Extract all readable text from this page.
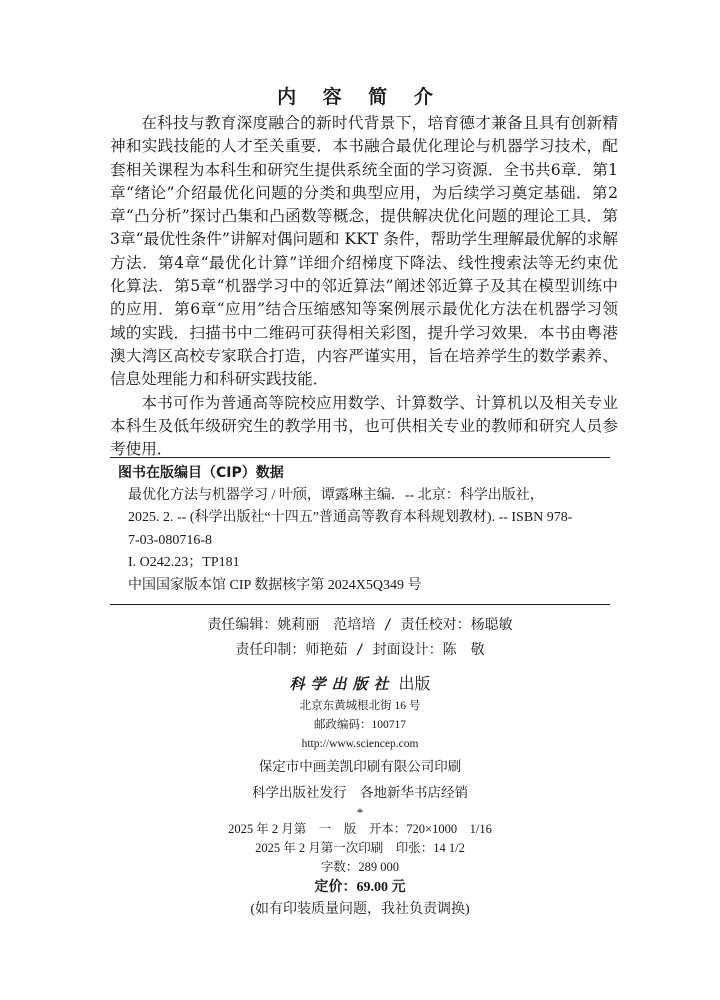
内 容 简 介

在科技与教育深度融合的新时代背景下，培育德才兼备且具有创新精神和实践技能的人才至关重要．本书融合最优化理论与机器学习技术，配套相关课程为本科生和研究生提供系统全面的学习资源．全书共6章．第1章“绪论”介绍最优化问题的分类和典型应用，为后续学习奠定基础．第2章“凸分析”探讨凸集和凸函数等概念，提供解决优化问题的理论工具．第3章“最优性条件”讲解对偶问题和 KKT 条件，帮助学生理解最优解的求解方法．第4章“最优化计算”详细介绍梯度下降法、线性搜索法等无约束优化算法．第5章“机器学习中的邻近算法”阐述邻近算子及其在模型训练中的应用．第6章“应用”结合压缩感知等案例展示最优化方法在机器学习领域的实践．扫描书中二维码可获得相关彩图，提升学习效果．本书由粤港澳大湾区高校专家联合打造，内容严谨实用，旨在培养学生的数学素养、信息处理能力和科研实践技能．

本书可作为普通高等院校应用数学、计算数学、计算机以及相关专业本科生及低年级研究生的教学用书，也可供相关专业的教师和研究人员参考使用．

图书在版编目（CIP）数据
最优化方法与机器学习 / 叶颀，谭露琳主编．-- 北京：科学出版社，
2025. 2. -- (科学出版社“十四五”普通高等教育本科规划教材). -- ISBN 978-
7-03-080716-8
I. O242.23；TP181
中国国家版本馆 CIP 数据核字第 2024X5Q349 号
责任编辑：姚莉丽　范培培 / 责任校对：杨聪敏
责任印制：师艳茹 / 封面设计：陈　敬
科学出版社 出版
北京东黄城根北街 16 号
邮政编码：100717
http://www.sciencep.com
保定市中画美凯印刷有限公司印刷
科学出版社发行　各地新华书店经销
*
2025 年 2 月第　一　版　开本：720×1000　1/16
2025 年 2 月第一次印刷　印张：14 1/2
字数：289 000
定价：69.00 元
(如有印装质量问题，我社负责调换)
